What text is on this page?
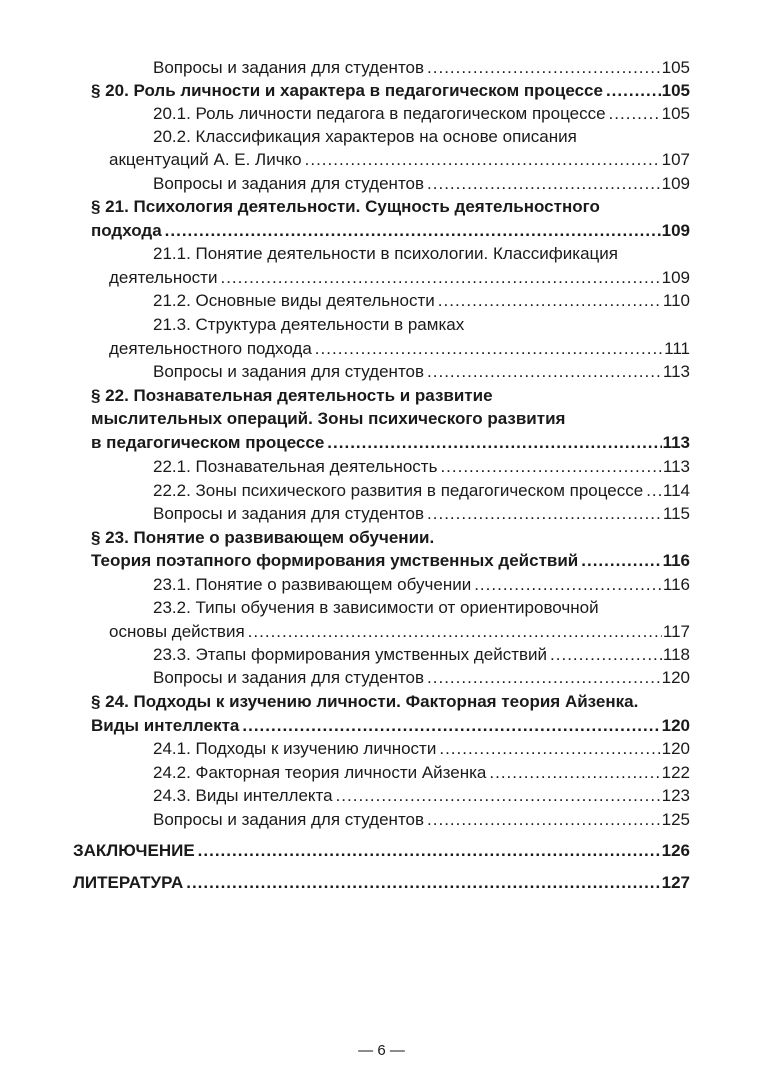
Вопросы и задания для студентов .....	105
§ 20. Роль личности и характера в педагогическом процессе .....	105
20.1. Роль личности педагога в педагогическом процессе .....	105
20.2. Классификация характеров на основе описания
акцентуаций А. Е. Личко .....	107
Вопросы и задания для студентов .....	109
§ 21. Психология деятельности. Сущность деятельностного
подхода .....	109
21.1. Понятие деятельности в психологии. Классификация
деятельности .....	109
21.2. Основные виды деятельности .....	110
21.3. Структура деятельности в рамках
деятельностного подхода .....	111
Вопросы и задания для студентов .....	113
§ 22. Познавательная деятельность и развитие
мыслительных операций. Зоны психического развития
в педагогическом процессе .....	113
22.1. Познавательная деятельность .....	113
22.2. Зоны психического развития в педагогическом процессе ..... 114
Вопросы и задания для студентов .....	115
§ 23. Понятие о развивающем обучении.
Теория поэтапного формирования умственных действий .....	116
23.1. Понятие о развивающем обучении .....	116
23.2. Типы обучения в зависимости от ориентировочной
основы действия .....	117
23.3. Этапы формирования умственных действий .....	118
Вопросы и задания для студентов .....	120
§ 24. Подходы к изучению личности. Факторная теория Айзенка.
Виды интеллекта .....	120
24.1. Подходы к изучению личности .....	120
24.2. Факторная теория личности Айзенка .....	122
24.3. Виды интеллекта .....	123
Вопросы и задания для студентов .....	125
ЗАКЛЮЧЕНИЕ .....	126
ЛИТЕРАТУРА .....	127
— 6 —
